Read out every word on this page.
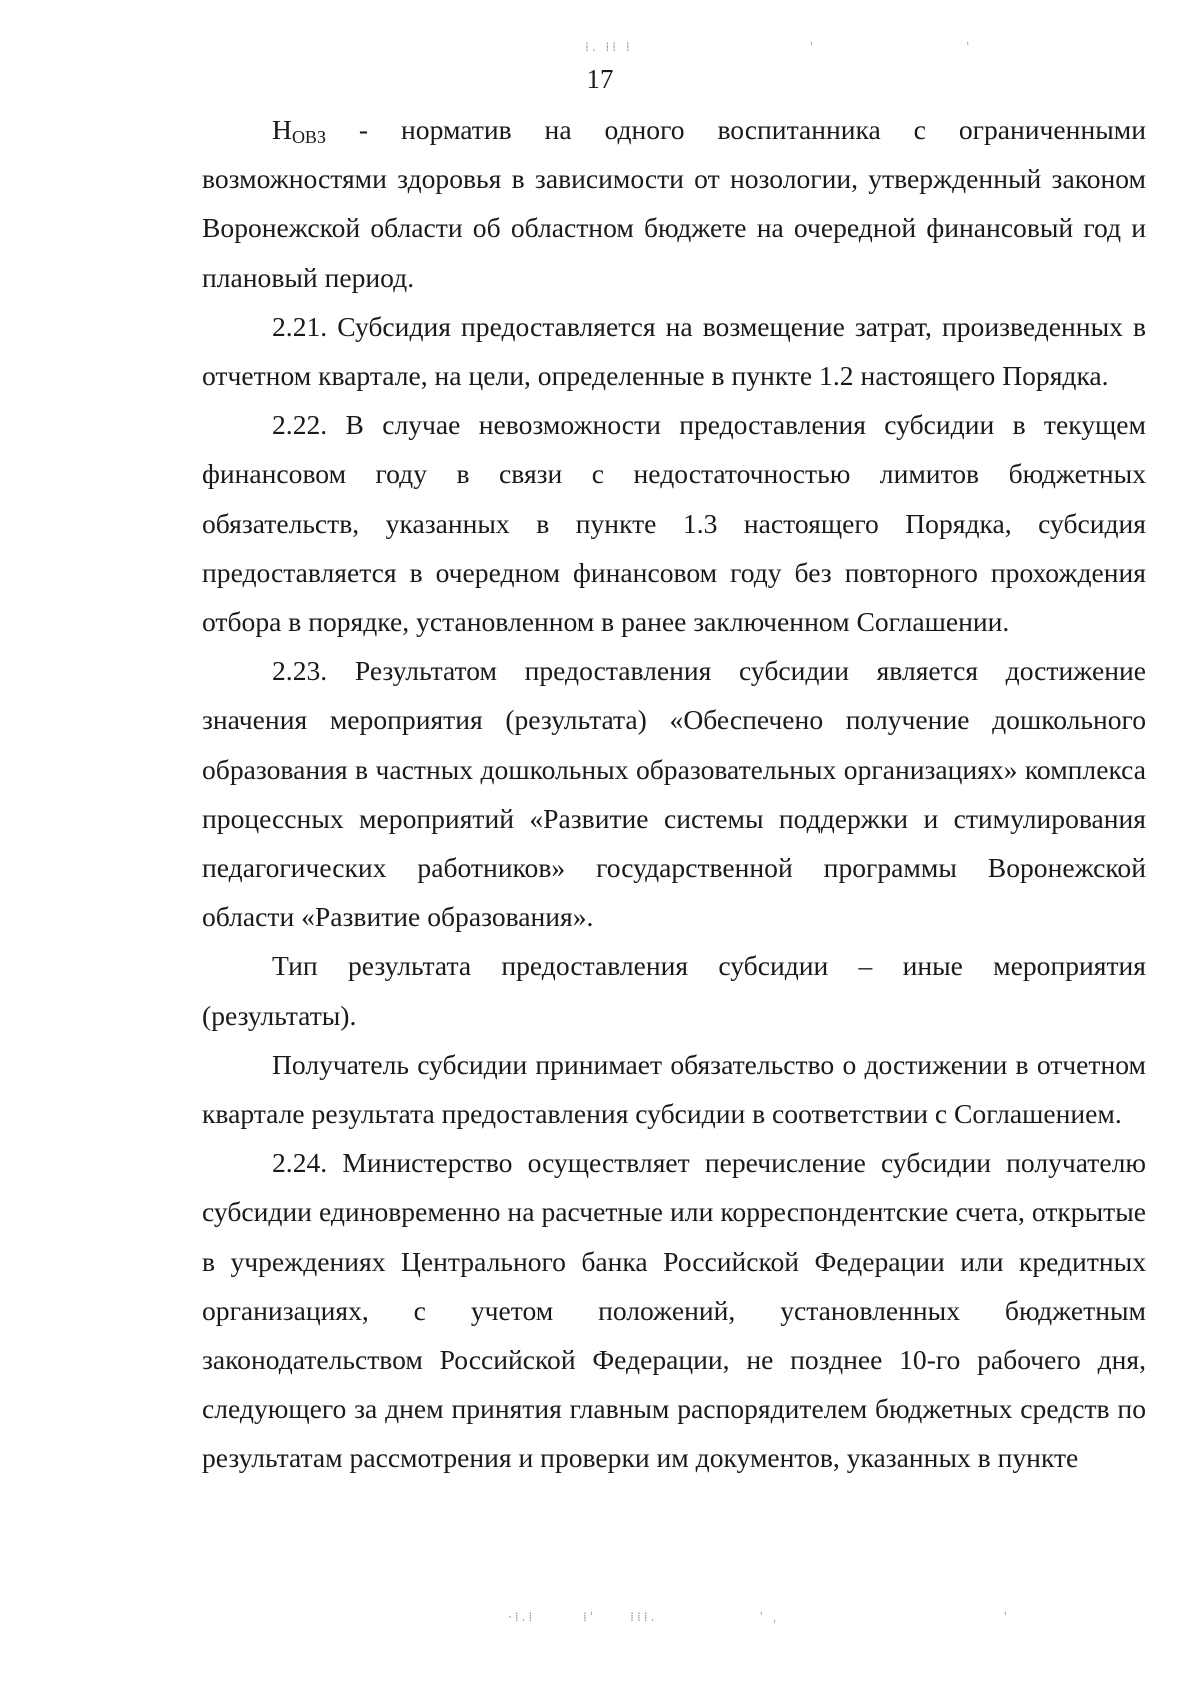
⁞. ⁞⁞ ⁞                          ˈ                      ˈ
·⁞.⁞       ⁞ˈ     ⁞⁞⁞.               ˈ ˌ                                 ˈ
17

$Н_{ОВЗ}$ - норматив на одного воспитанника с ограниченными возможностями здоровья в зависимости от нозологии, утвержденный законом Воронежской области об областном бюджете на очередной финансовый год и плановый период.

2.21. Субсидия предоставляется на возмещение затрат, произведенных в отчетном квартале, на цели, определенные в пункте 1.2 настоящего Порядка.

2.22. В случае невозможности предоставления субсидии в текущем финансовом году в связи с недостаточностью лимитов бюджетных обязательств, указанных в пункте 1.3 настоящего Порядка, субсидия предоставляется в очередном финансовом году без повторного прохождения отбора в порядке, установленном в ранее заключенном Соглашении.

2.23. Результатом предоставления субсидии является достижение значения мероприятия (результата) «Обеспечено получение дошкольного образования в частных дошкольных образовательных организациях» комплекса процессных мероприятий «Развитие системы поддержки и стимулирования педагогических работников» государственной программы Воронежской области «Развитие образования».

Тип результата предоставления субсидии – иные мероприятия (результаты).

Получатель субсидии принимает обязательство о достижении в отчетном квартале результата предоставления субсидии в соответствии с Соглашением.

2.24. Министерство осуществляет перечисление субсидии получателю субсидии единовременно на расчетные или корреспондентские счета, открытые в учреждениях Центрального банка Российской Федерации или кредитных организациях, с учетом положений, установленных бюджетным законодательством Российской Федерации, не позднее 10-го рабочего дня, следующего за днем принятия главным распорядителем бюджетных средств по результатам рассмотрения и проверки им документов, указанных в пункте
